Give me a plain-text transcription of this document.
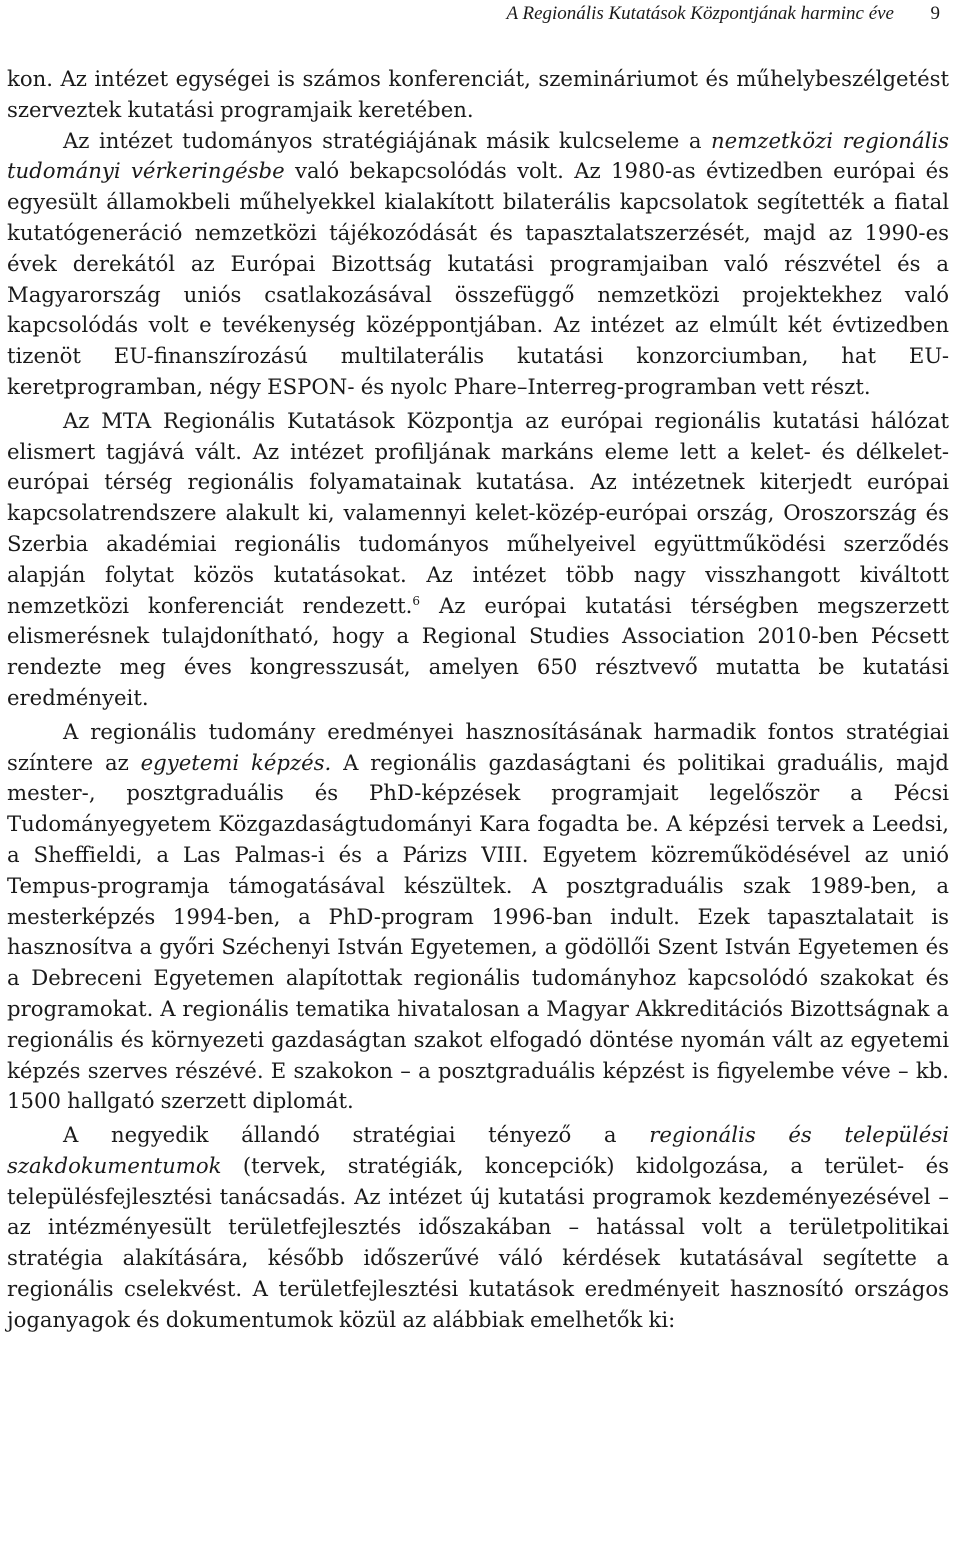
A Regionális Kutatások Központjának harminc éve 9

kon. Az intézet egységei is számos konferenciát, szemináriumot és műhelybeszélgetést szerveztek kutatási programjaik keretében.

Az intézet tudományos stratégiájának másik kulcseleme a nemzetközi regionális tudományi vérkeringésbe való bekapcsolódás volt. Az 1980-as évtizedben európai és egyesült államokbeli műhelyekkel kialakított bilaterális kapcsolatok segítették a fiatal kutatógeneráció nemzetközi tájékozódását és tapasztalatszerzését, majd az 1990-es évek derekától az Európai Bizottság kutatási programjaiban való részvétel és a Magyarország uniós csatlakozásával összefüggő nemzetközi projektekhez való kapcsolódás volt e tevékenység középpontjában. Az intézet az elmúlt két évtizedben tizenöt EU-finanszírozású multilaterális kutatási konzorciumban, hat EU-keretprogramban, négy ESPON- és nyolc Phare–Interreg-programban vett részt.

Az MTA Regionális Kutatások Központja az európai regionális kutatási hálózat elismert tagjává vált. Az intézet profiljának markáns eleme lett a kelet- és délkelet-európai térség regionális folyamatainak kutatása. Az intézetnek kiterjedt európai kapcsolatrendszere alakult ki, valamennyi kelet-közép-európai ország, Oroszország és Szerbia akadémiai regionális tudományos műhelyeivel együttműködési szerződés alapján folytat közös kutatásokat. Az intézet több nagy visszhangott kiváltott nemzetközi konferenciát rendezett.$^6$ Az európai kutatási térségben megszerzett elismerésnek tulajdonítható, hogy a Regional Studies Association 2010-ben Pécsett rendezte meg éves kongresszusát, amelyen 650 résztvevő mutatta be kutatási eredményeit.

A regionális tudomány eredményei hasznosításának harmadik fontos stratégiai színtere az egyetemi képzés. A regionális gazdaságtani és politikai graduális, majd mester-, posztgraduális és PhD-képzések programjait legelőször a Pécsi Tudományegyetem Közgazdaságtudományi Kara fogadta be. A képzési tervek a Leedsi, a Sheffieldi, a Las Palmas-i és a Párizs VIII. Egyetem közreműködésével az unió Tempus-programja támogatásával készültek. A posztgraduális szak 1989-ben, a mesterképzés 1994-ben, a PhD-program 1996-ban indult. Ezek tapasztalatait is hasznosítva a győri Széchenyi István Egyetemen, a gödöllői Szent István Egyetemen és a Debreceni Egyetemen alapítottak regionális tudományhoz kapcsolódó szakokat és programokat. A regionális tematika hivatalosan a Magyar Akkreditációs Bizottságnak a regionális és környezeti gazdaságtan szakot elfogadó döntése nyomán vált az egyetemi képzés szerves részévé. E szakokon – a posztgraduális képzést is figyelembe véve – kb. 1500 hallgató szerzett diplomát.

A negyedik állandó stratégiai tényező a regionális és települési szakdokumentumok (tervek, stratégiák, koncepciók) kidolgozása, a terület- és településfejlesztési tanácsadás. Az intézet új kutatási programok kezdeményezésével – az intézményesült területfejlesztés időszakában – hatással volt a területpolitikai stratégia alakítására, később időszerűvé váló kérdések kutatásával segítette a regionális cselekvést. A területfejlesztési kutatások eredményeit hasznosító országos joganyagok és dokumentumok közül az alábbiak emelhetők ki:
